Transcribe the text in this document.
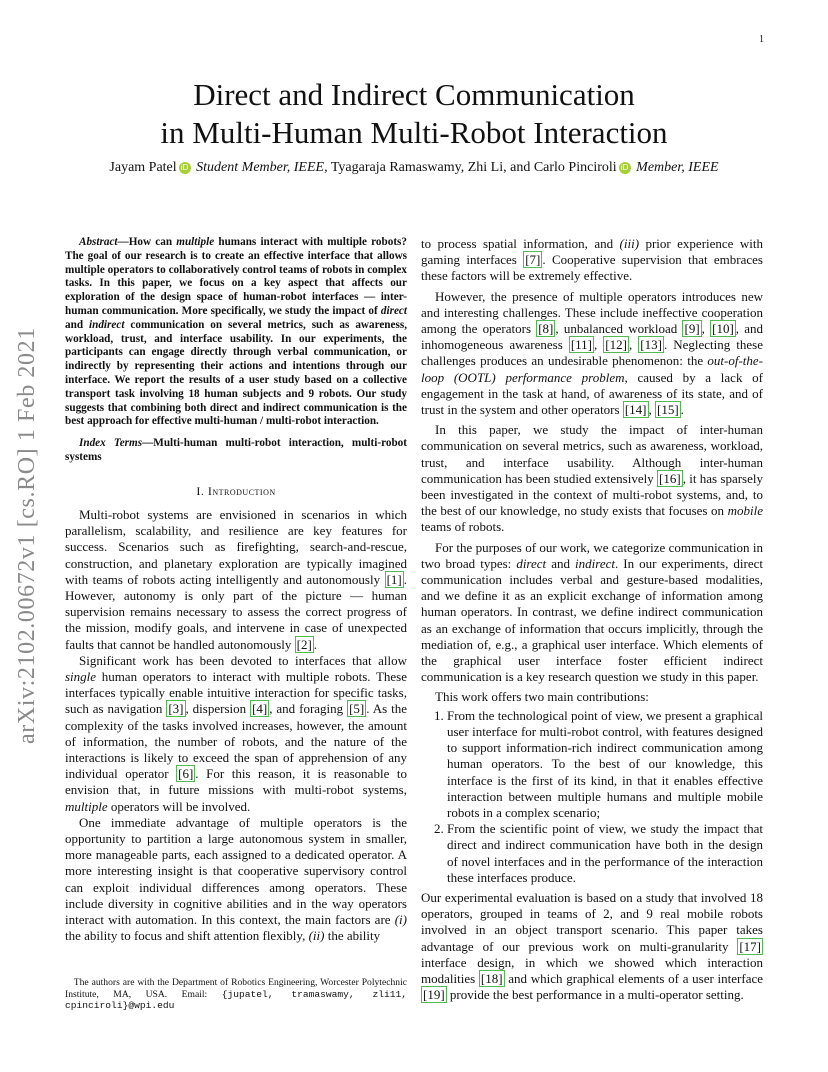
1
arXiv:2102.00672v1 [cs.RO] 1 Feb 2021
Direct and Indirect Communication
in Multi-Human Multi-Robot Interaction
Jayam Patel iD Student Member, IEEE, Tyagaraja Ramaswamy, Zhi Li, and Carlo Pinciroli iD Member, IEEE

Abstract—How can multiple humans interact with multiple robots? The goal of our research is to create an effective interface that allows multiple operators to collaboratively control teams of robots in complex tasks. In this paper, we focus on a key aspect that affects our exploration of the design space of human-robot interfaces — inter-human communication. More specifically, we study the impact of direct and indirect communication on several metrics, such as awareness, workload, trust, and interface usability. In our experiments, the participants can engage directly through verbal communication, or indirectly by representing their actions and intentions through our interface. We report the results of a user study based on a collective transport task involving 18 human subjects and 9 robots. Our study suggests that combining both direct and indirect communication is the best approach for effective multi-human / multi-robot interaction.

Index Terms—Multi-human multi-robot interaction, multi-robot systems

I. Introduction

Multi-robot systems are envisioned in scenarios in which parallelism, scalability, and resilience are key features for success. Scenarios such as firefighting, search-and-rescue, construction, and planetary exploration are typically imagined with teams of robots acting intelligently and autonomously [1] . However, autonomy is only part of the picture — human supervision remains necessary to assess the correct progress of the mission, modify goals, and intervene in case of unexpected faults that cannot be handled autonomously [2] .

Significant work has been devoted to interfaces that allow single human operators to interact with multiple robots. These interfaces typically enable intuitive interaction for specific tasks, such as navigation [3] , dispersion [4] , and foraging [5] . As the complexity of the tasks involved increases, however, the amount of information, the number of robots, and the nature of the interactions is likely to exceed the span of apprehension of any individual operator [6] . For this reason, it is reasonable to envision that, in future missions with multi-robot systems, multiple operators will be involved.

One immediate advantage of multiple operators is the opportunity to partition a large autonomous system in smaller, more manageable parts, each assigned to a dedicated operator. A more interesting insight is that cooperative supervisory control can exploit individual differences among operators. These include diversity in cognitive abilities and in the way operators interact with automation. In this context, the main factors are (i) the ability to focus and shift attention flexibly, (ii) the ability

to process spatial information, and (iii) prior experience with gaming interfaces [7] . Cooperative supervision that embraces these factors will be extremely effective.

However, the presence of multiple operators introduces new and interesting challenges. These include ineffective cooperation among the operators [8] , unbalanced workload [9] , [10] , and inhomogeneous awareness [11] , [12] , [13] . Neglecting these challenges produces an undesirable phenomenon: the out-of-the-loop (OOTL) performance problem, caused by a lack of engagement in the task at hand, of awareness of its state, and of trust in the system and other operators [14] , [15] .

In this paper, we study the impact of inter-human communication on several metrics, such as awareness, workload, trust, and interface usability. Although inter-human communication has been studied extensively [16] , it has sparsely been investigated in the context of multi-robot systems, and, to the best of our knowledge, no study exists that focuses on mobile teams of robots.

For the purposes of our work, we categorize communication in two broad types: direct and indirect. In our experiments, direct communication includes verbal and gesture-based modalities, and we define it as an explicit exchange of information among human operators. In contrast, we define indirect communication as an exchange of information that occurs implicitly, through the mediation of, e.g., a graphical user interface. Which elements of the graphical user interface foster efficient indirect communication is a key research question we study in this paper.

This work offers two main contributions:

1. From the technological point of view, we present a graphical user interface for multi-robot control, with features designed to support information-rich indirect communication among human operators. To the best of our knowledge, this interface is the first of its kind, in that it enables effective interaction between multiple humans and multiple mobile robots in a complex scenario;
2. From the scientific point of view, we study the impact that direct and indirect communication have both in the design of novel interfaces and in the performance of the interaction these interfaces produce.

Our experimental evaluation is based on a study that involved 18 operators, grouped in teams of 2, and 9 real mobile robots involved in an object transport scenario. This paper takes advantage of our previous work on multi-granularity [17] interface design, in which we showed which interaction modalities [18] and which graphical elements of a user interface [19] provide the best performance in a multi-operator setting.

The authors are with the Department of Robotics Engineering, Worcester Polytechnic Institute, MA, USA. Email: {jupatel, tramaswamy, zli11, cpinciroli}@wpi.edu
